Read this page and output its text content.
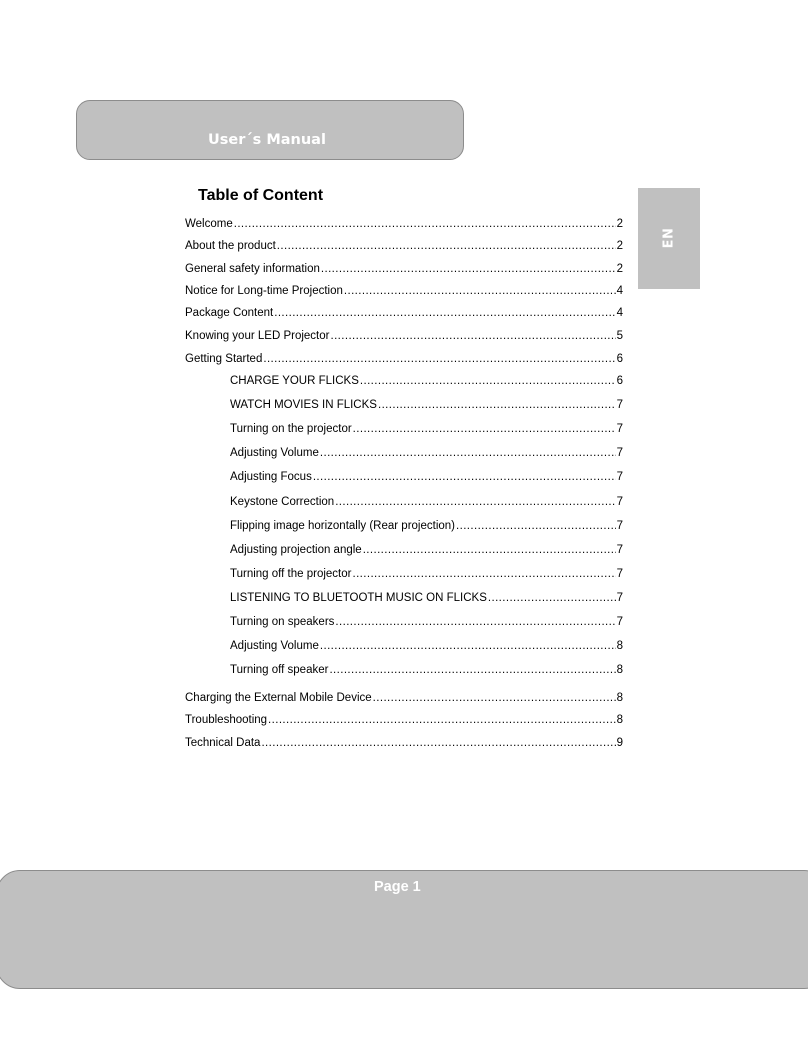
User´s Manual
EN
Table of Content
Welcome .....	2
About the product .....	2
General safety information .....	2
Notice for Long-time Projection .....	4
Package Content .....	4
Knowing your LED Projector .....	5
Getting Started .....	6
CHARGE YOUR FLICKS .....	6
WATCH MOVIES IN FLICKS .....	7
Turning on the projector .....	7
Adjusting Volume .....	7
Adjusting Focus .....	7
Keystone Correction .....	7
Flipping image horizontally (Rear projection) .....	7
Adjusting projection angle .....	7
Turning off the projector .....	7
LISTENING TO BLUETOOTH MUSIC ON FLICKS .....	7
Turning on speakers .....	7
Adjusting Volume .....	8
Turning off speaker .....	8
Charging the External Mobile Device .....	8
Troubleshooting .....	8
Technical Data .....	9
Page 1
